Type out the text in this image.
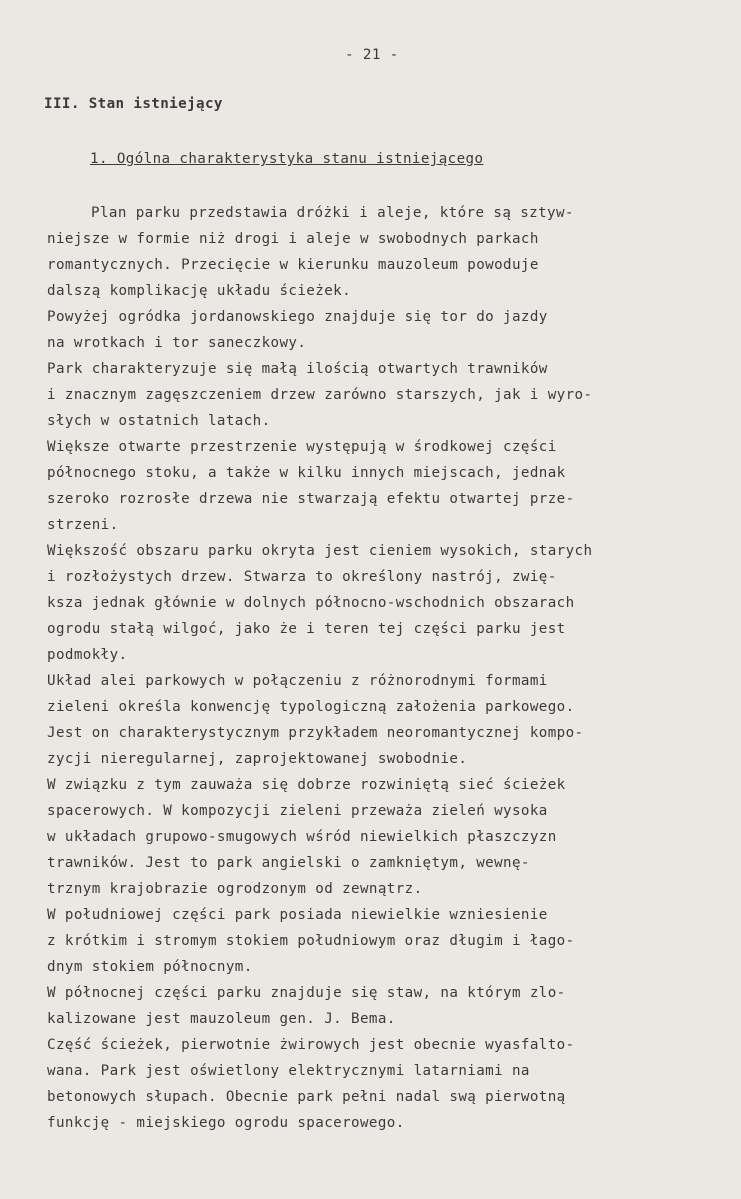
- 21 -
III. Stan istniejący
1. Ogólna charakterystyka stanu istniejącego
Plan parku przedstawia dróżki i aleje, które są sztyw-
niejsze w formie niż drogi i aleje w swobodnych parkach
romantycznych. Przecięcie w kierunku mauzoleum powoduje
dalszą komplikację układu ścieżek.
Powyżej ogródka jordanowskiego znajduje się tor do jazdy
na wrotkach i tor saneczkowy.
Park charakteryzuje się małą ilością otwartych trawników
i znacznym zagęszczeniem drzew zarówno starszych, jak i wyro-
słych w ostatnich latach.
Większe otwarte przestrzenie występują w środkowej części
północnego stoku, a także w kilku innych miejscach, jednak
szeroko rozrosłe drzewa nie stwarzają efektu otwartej prze-
strzeni.
Większość obszaru parku okryta jest cieniem wysokich, starych
i rozłożystych drzew. Stwarza to określony nastrój, zwię-
ksza jednak głównie w dolnych północno-wschodnich obszarach
ogrodu stałą wilgoć, jako że i teren tej części parku jest
podmokły.
Układ alei parkowych w połączeniu z różnorodnymi formami
zieleni określa konwencję typologiczną założenia parkowego.
Jest on charakterystycznym przykładem neoromantycznej kompo-
zycji nieregularnej, zaprojektowanej swobodnie.
W związku z tym zauważa się dobrze rozwiniętą sieć ścieżek
spacerowych. W kompozycji zieleni przeważa zieleń wysoka
w układach grupowo-smugowych wśród niewielkich płaszczyzn
trawników. Jest to park angielski o zamkniętym, wewnę-
trznym krajobrazie ogrodzonym od zewnątrz.
W południowej części park posiada niewielkie wzniesienie
z krótkim i stromym stokiem południowym oraz długim i łago-
dnym stokiem północnym.
W północnej części parku znajduje się staw, na którym zlo-
kalizowane jest mauzoleum gen. J. Bema.
Część ścieżek, pierwotnie żwirowych jest obecnie wyasfalto-
wana. Park jest oświetlony elektrycznymi latarniami na
betonowych słupach. Obecnie park pełni nadal swą pierwotną
funkcję - miejskiego ogrodu spacerowego.
